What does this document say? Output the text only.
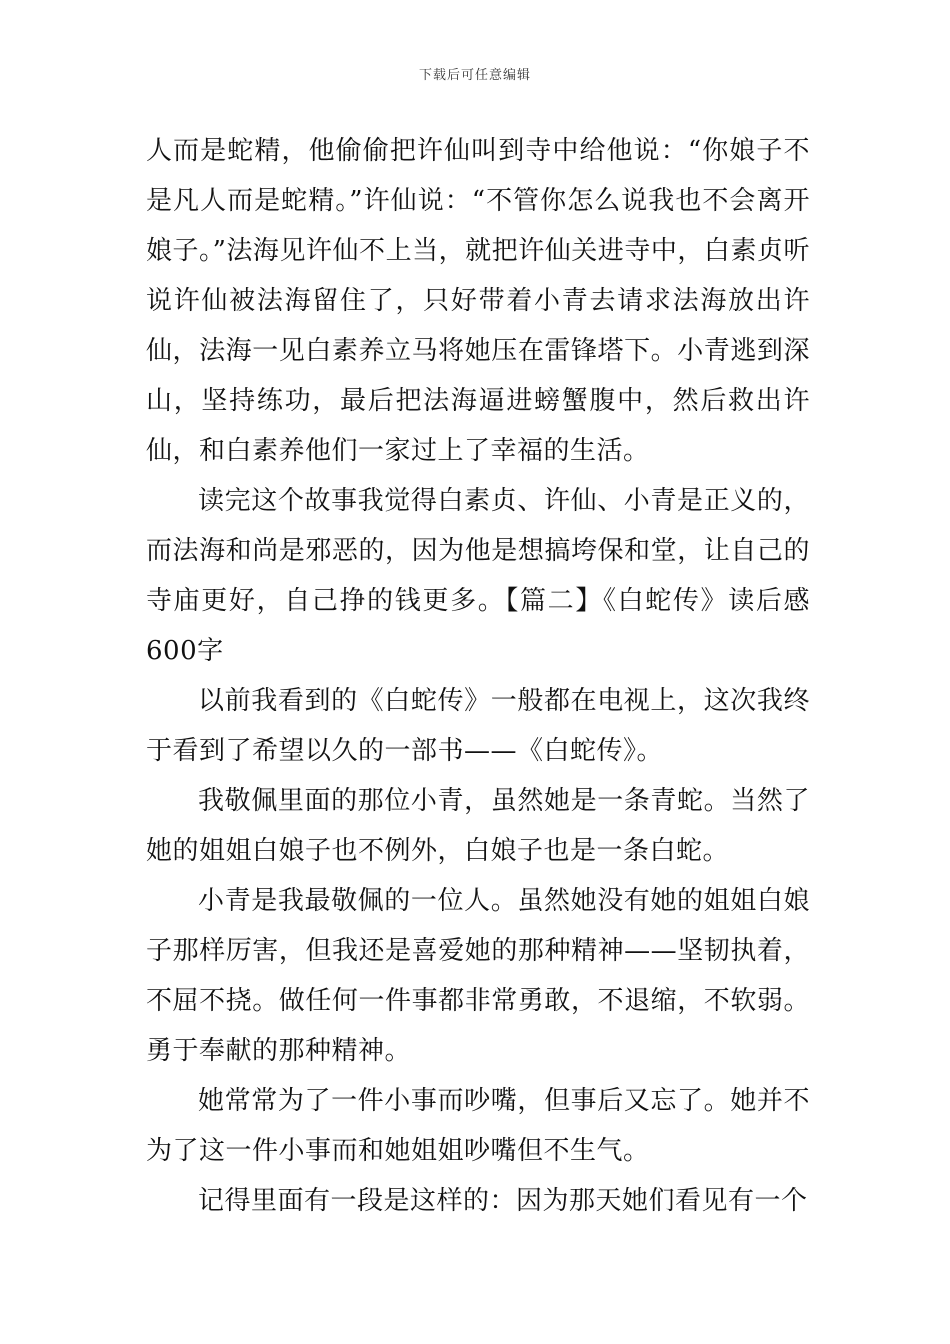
下载后可任意编辑

人而是蛇精，他偷偷把许仙叫到寺中给他说：“你娘子不是凡人而是蛇精。”许仙说：“不管你怎么说我也不会离开娘子。”法海见许仙不上当，就把许仙关进寺中，白素贞听说许仙被法海留住了，只好带着小青去请求法海放出许仙，法海一见白素养立马将她压在雷锋塔下。小青逃到深山，坚持练功，最后把法海逼进螃蟹腹中，然后救出许仙，和白素养他们一家过上了幸福的生活。

读完这个故事我觉得白素贞、许仙、小青是正义的，而法海和尚是邪恶的，因为他是想搞垮保和堂，让自己的寺庙更好，自己挣的钱更多。【篇二】《白蛇传》读后感600字

以前我看到的《白蛇传》一般都在电视上，这次我终于看到了希望以久的一部书——《白蛇传》。

我敬佩里面的那位小青，虽然她是一条青蛇。当然了她的姐姐白娘子也不例外，白娘子也是一条白蛇。

小青是我最敬佩的一位人。虽然她没有她的姐姐白娘子那样厉害，但我还是喜爱她的那种精神——坚韧执着，不屈不挠。做任何一件事都非常勇敢，不退缩，不软弱。勇于奉献的那种精神。

她常常为了一件小事而吵嘴，但事后又忘了。她并不为了这一件小事而和她姐姐吵嘴但不生气。

记得里面有一段是这样的：因为那天她们看见有一个
